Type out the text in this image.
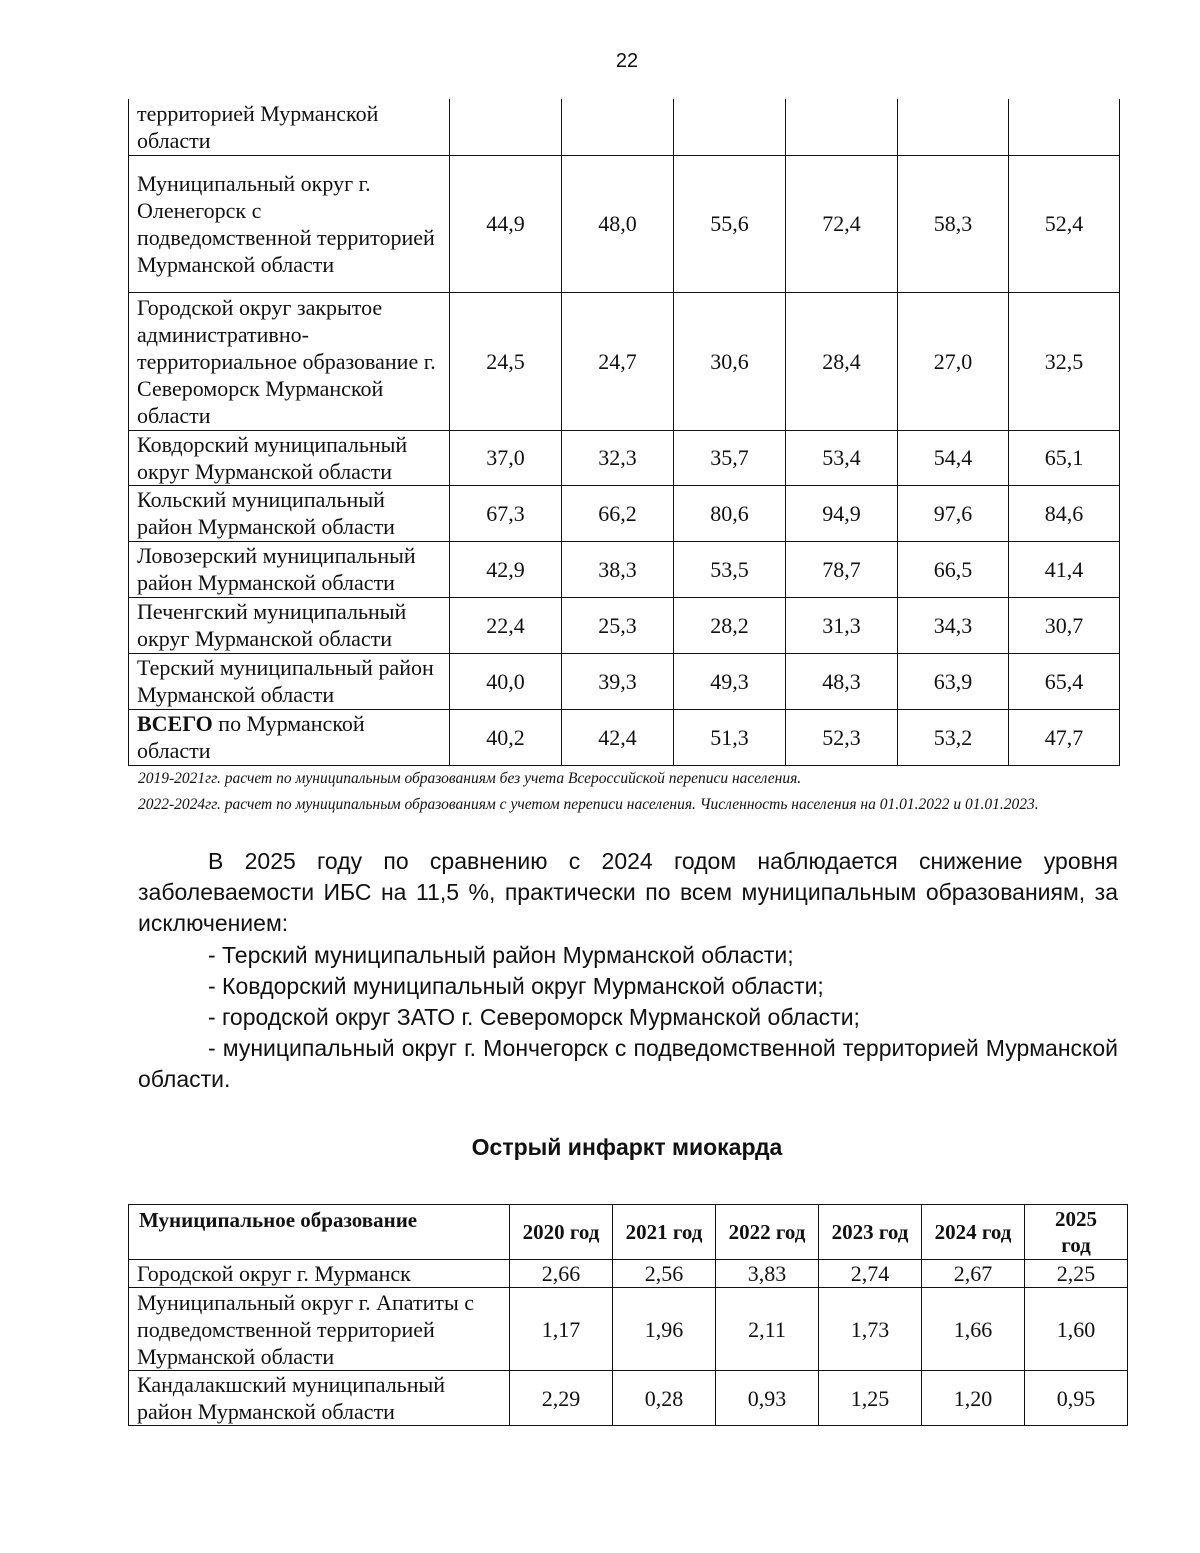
22
территорией Мурманской области						
Муниципальный округ г. Оленегорск с подведомственной территорией Мурманской области	44,9	48,0	55,6	72,4	58,3	52,4
Городской округ закрытое административно-территориальное образование г. Североморск Мурманской области	24,5	24,7	30,6	28,4	27,0	32,5
Ковдорский муниципальный округ Мурманской области	37,0	32,3	35,7	53,4	54,4	65,1
Кольский муниципальный район Мурманской области	67,3	66,2	80,6	94,9	97,6	84,6
Ловозерский муниципальный район Мурманской области	42,9	38,3	53,5	78,7	66,5	41,4
Печенгский муниципальный округ Мурманской области	22,4	25,3	28,2	31,3	34,3	30,7
Терский муниципальный район Мурманской области	40,0	39,3	49,3	48,3	63,9	65,4
ВСЕГО по Мурманской области	40,2	42,4	51,3	52,3	53,2	47,7
2019-2021гг. расчет по муниципальным образованиям без учета Всероссийской переписи населения.
2022-2024гг. расчет по муниципальным образованиям с учетом переписи населения. Численность населения на 01.01.2022 и 01.01.2023.
В 2025 году по сравнению с 2024 годом наблюдается снижение уровня заболеваемости ИБС на 11,5 %, практически по всем муниципальным образованиям, за исключением:
- Терский муниципальный район Мурманской области;
- Ковдорский муниципальный округ Мурманской области;
- городской округ ЗАТО г. Североморск Мурманской области;
- муниципальный округ г. Мончегорск с подведомственной территорией Мурманской области.
Острый инфаркт миокарда
Муниципальное образование	2020 год	2021 год	2022 год	2023 год	2024 год	2025 год
Городской округ г. Мурманск	2,66	2,56	3,83	2,74	2,67	2,25
Муниципальный округ г. Апатиты с подведомственной территорией Мурманской области	1,17	1,96	2,11	1,73	1,66	1,60
Кандалакшский муниципальный район Мурманской области	2,29	0,28	0,93	1,25	1,20	0,95
